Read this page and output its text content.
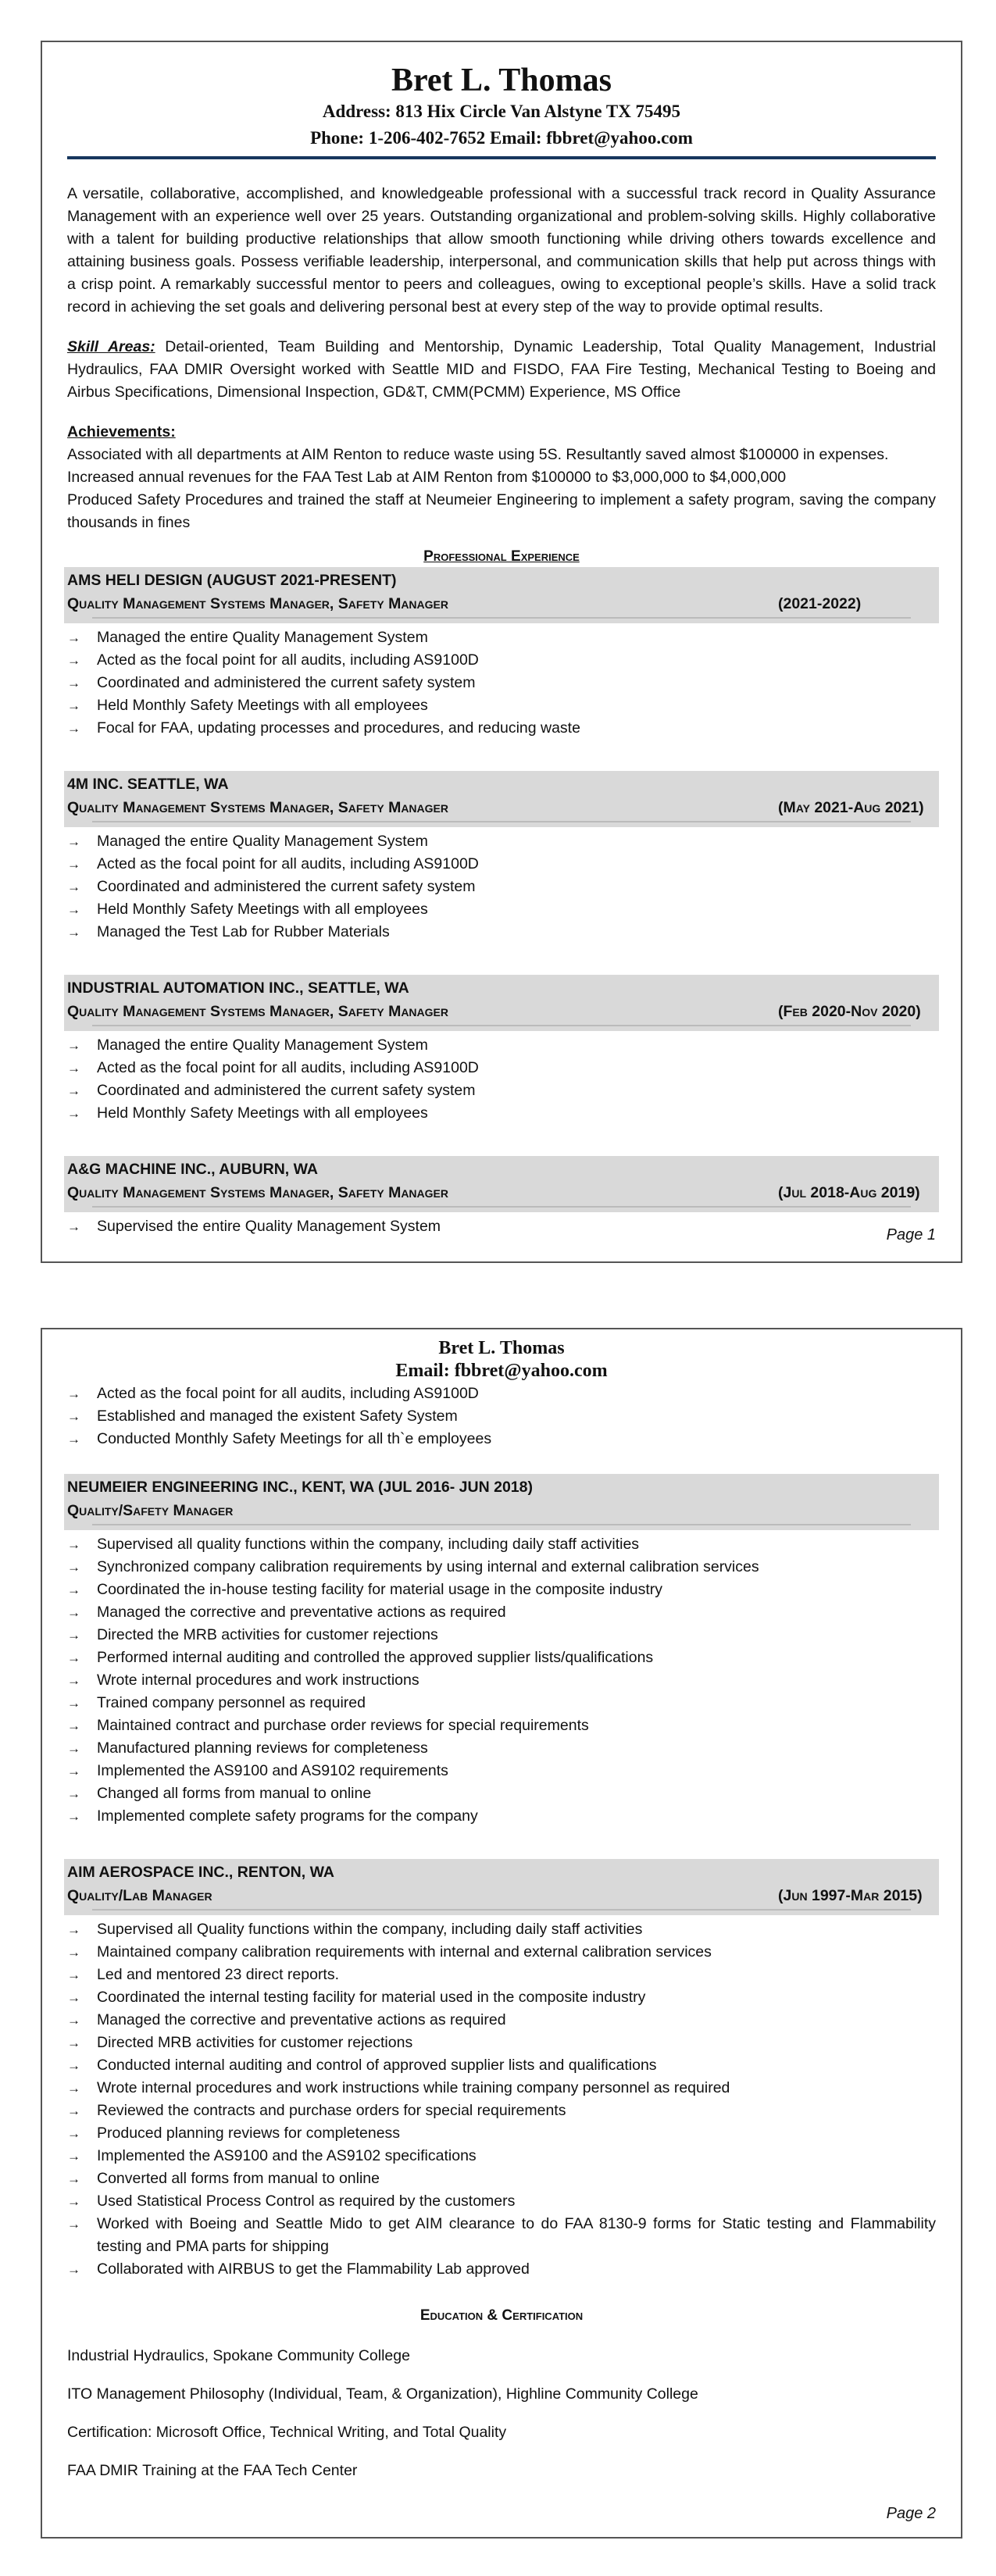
Bret L. Thomas
Address: 813 Hix Circle Van Alstyne TX 75495
Phone: 1-206-402-7652 Email: fbbret@yahoo.com

A versatile, collaborative, accomplished, and knowledgeable professional with a successful track record in Quality Assurance Management with an experience well over 25 years. Outstanding organizational and problem-solving skills. Highly collaborative with a talent for building productive relationships that allow smooth functioning while driving others towards excellence and attaining business goals. Possess verifiable leadership, interpersonal, and communication skills that help put across things with a crisp point. A remarkably successful mentor to peers and colleagues, owing to exceptional people’s skills. Have a solid track record in achieving the set goals and delivering personal best at every step of the way to provide optimal results.

Skill Areas: Detail-oriented, Team Building and Mentorship, Dynamic Leadership, Total Quality Management, Industrial Hydraulics, FAA DMIR Oversight worked with Seattle MID and FISDO, FAA Fire Testing, Mechanical Testing to Boeing and Airbus Specifications, Dimensional Inspection, GD&T, CMM(PCMM) Experience, MS Office

Achievements:

Associated with all departments at AIM Renton to reduce waste using 5S. Resultantly saved almost $100000 in expenses.

Increased annual revenues for the FAA Test Lab at AIM Renton from $100000 to $3,000,000 to $4,000,000

Produced Safety Procedures and trained the staff at Neumeier Engineering to implement a safety program, saving the company thousands in fines

Professional Experience
AMS HELI DESIGN (AUGUST 2021-PRESENT)
Quality Management Systems Manager, Safety Manager	(2021-2022)
→	Managed the entire Quality Management System
→	Acted as the focal point for all audits, including AS9100D
→	Coordinated and administered the current safety system
→	Held Monthly Safety Meetings with all employees
→	Focal for FAA, updating processes and procedures, and reducing waste
4M INC. SEATTLE, WA
Quality Management Systems Manager, Safety Manager	(May 2021-Aug 2021)
→	Managed the entire Quality Management System
→	Acted as the focal point for all audits, including AS9100D
→	Coordinated and administered the current safety system
→	Held Monthly Safety Meetings with all employees
→	Managed the Test Lab for Rubber Materials
INDUSTRIAL AUTOMATION INC., SEATTLE, WA
Quality Management Systems Manager, Safety Manager	(Feb 2020-Nov 2020)
→	Managed the entire Quality Management System
→	Acted as the focal point for all audits, including AS9100D
→	Coordinated and administered the current safety system
→	Held Monthly Safety Meetings with all employees
A&G MACHINE INC., AUBURN, WA
Quality Management Systems Manager, Safety Manager	(Jul 2018-Aug 2019)
→	Supervised the entire Quality Management System	Page 1
Bret L. Thomas
Email: fbbret@yahoo.com
→	Acted as the focal point for all audits, including AS9100D
→	Established and managed the existent Safety System
→	Conducted Monthly Safety Meetings for all th`e employees
NEUMEIER ENGINEERING INC., KENT, WA (JUL 2016- JUN 2018)
Quality/Safety Manager
→	Supervised all quality functions within the company, including daily staff activities
→	Synchronized company calibration requirements by using internal and external calibration services
→	Coordinated the in-house testing facility for material usage in the composite industry
→	Managed the corrective and preventative actions as required
→	Directed the MRB activities for customer rejections
→	Performed internal auditing and controlled the approved supplier lists/qualifications
→	Wrote internal procedures and work instructions
→	Trained company personnel as required
→	Maintained contract and purchase order reviews for special requirements
→	Manufactured planning reviews for completeness
→	Implemented the AS9100 and AS9102 requirements
→	Changed all forms from manual to online
→	Implemented complete safety programs for the company
AIM AEROSPACE INC., RENTON, WA
Quality/Lab Manager	(Jun 1997-Mar 2015)
→	Supervised all Quality functions within the company, including daily staff activities
→	Maintained company calibration requirements with internal and external calibration services
→	Led and mentored 23 direct reports.
→	Coordinated the internal testing facility for material used in the composite industry
→	Managed the corrective and preventative actions as required
→	Directed MRB activities for customer rejections
→	Conducted internal auditing and control of approved supplier lists and qualifications
→	Wrote internal procedures and work instructions while training company personnel as required
→	Reviewed the contracts and purchase orders for special requirements
→	Produced planning reviews for completeness
→	Implemented the AS9100 and the AS9102 specifications
→	Converted all forms from manual to online
→	Used Statistical Process Control as required by the customers
→	Worked with Boeing and Seattle Mido to get AIM clearance to do FAA 8130-9 forms for Static testing and Flammability testing and PMA parts for shipping
→	Collaborated with AIRBUS to get the Flammability Lab approved
Education & Certification

Industrial Hydraulics, Spokane Community College

ITO Management Philosophy (Individual, Team, & Organization), Highline Community College

Certification: Microsoft Office, Technical Writing, and Total Quality

FAA DMIR Training at the FAA Tech Center

Page 2
